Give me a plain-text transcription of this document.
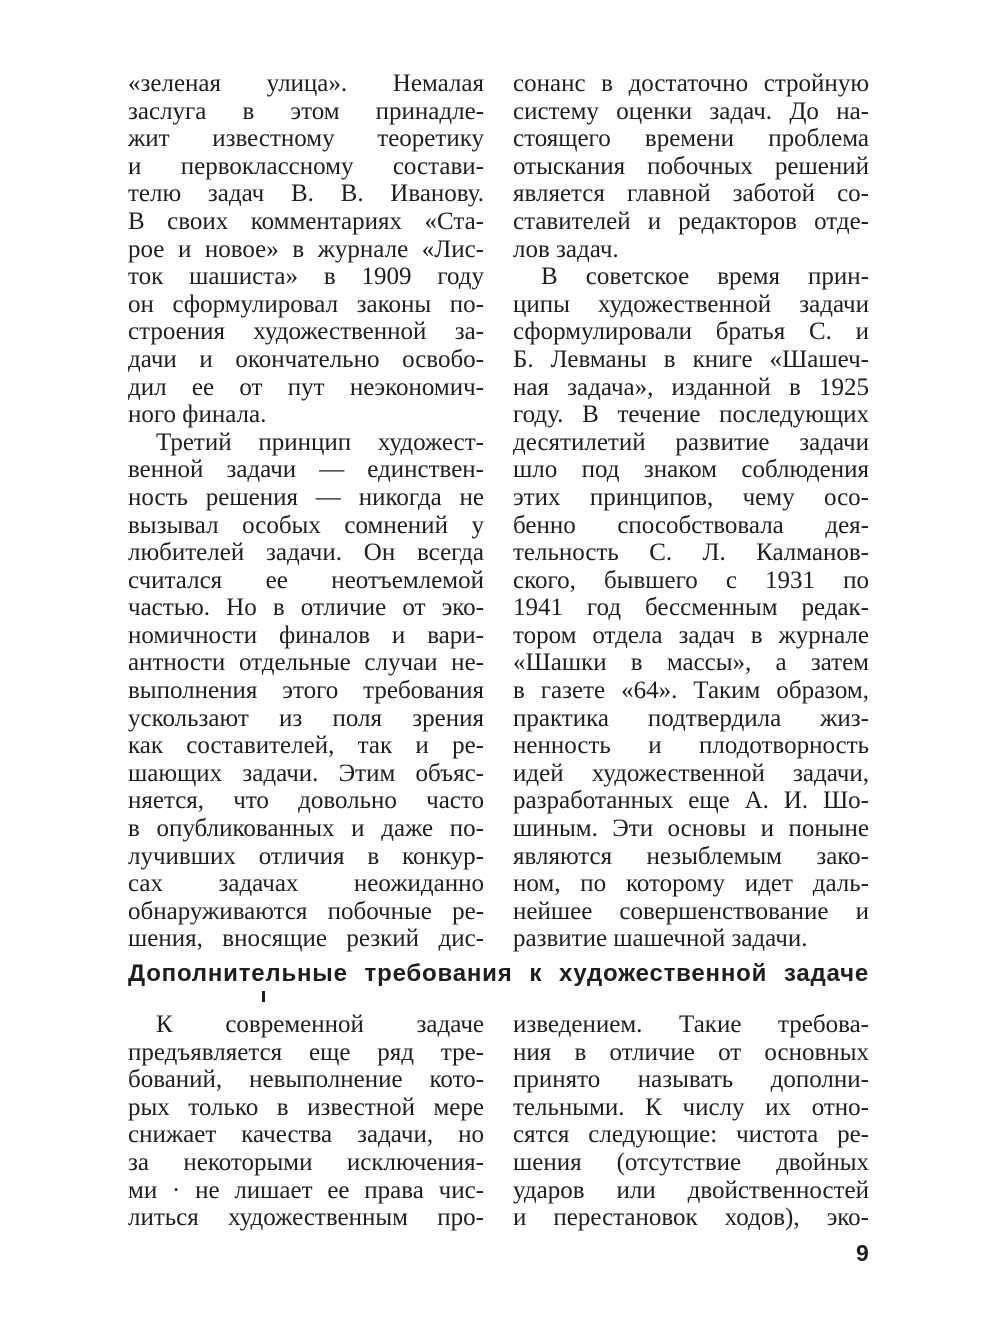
«зеленая улица». Немалая
заслуга в этом принадле-
жит известному теоретику
и первоклассному состави-
телю задач В. В. Иванову.
В своих комментариях «Ста-
рое и новое» в журнале «Лис-
ток шашиста» в 1909 году
он сформулировал законы по-
строения художественной за-
дачи и окончательно освобо-
дил ее от пут неэкономич-
ного финала.
Третий принцип художест-
венной задачи — единствен-
ность решения — никогда не
вызывал особых сомнений у
любителей задачи. Он всегда
считался ее неотъемлемой
частью. Но в отличие от эко-
номичности финалов и вари-
антности отдельные случаи не-
выполнения этого требования
ускользают из поля зрения
как составителей, так и ре-
шающих задачи. Этим объяс-
няется, что довольно часто
в опубликованных и даже по-
лучивших отличия в конкур-
сах задачах неожиданно
обнаруживаются побочные ре-
шения, вносящие резкий дис-
сонанс в достаточно стройную
систему оценки задач. До на-
стоящего времени проблема
отыскания побочных решений
является главной заботой со-
ставителей и редакторов отде-
лов задач.
В советское время прин-
ципы художественной задачи
сформулировали братья С. и
Б. Левманы в книге «Шашеч-
ная задача», изданной в 1925
году. В течение последующих
десятилетий развитие задачи
шло под знаком соблюдения
этих принципов, чему осо-
бенно способствовала дея-
тельность С. Л. Калманов-
ского, бывшего с 1931 по
1941 год бессменным редак-
тором отдела задач в журнале
«Шашки в массы», а затем
в газете «64». Таким образом,
практика подтвердила жиз-
ненность и плодотворность
идей художественной задачи,
разработанных еще А. И. Шо-
шиным. Эти основы и поныне
являются незыблемым зако-
ном, по которому идет даль-
нейшее совершенствование и
развитие шашечной задачи.
Дополнительные требования к художественной задаче
К современной задаче
предъявляется еще ряд тре-
бований, невыполнение кото-
рых только в известной мере
снижает качества задачи, но
за некоторыми исключения-
ми · не лишает ее права чис-
литься художественным про-
изведением. Такие требова-
ния в отличие от основных
принято называть дополни-
тельными. К числу их отно-
сятся следующие: чистота ре-
шения (отсутствие двойных
ударов или двойственностей
и перестановок ходов), эко-
9
